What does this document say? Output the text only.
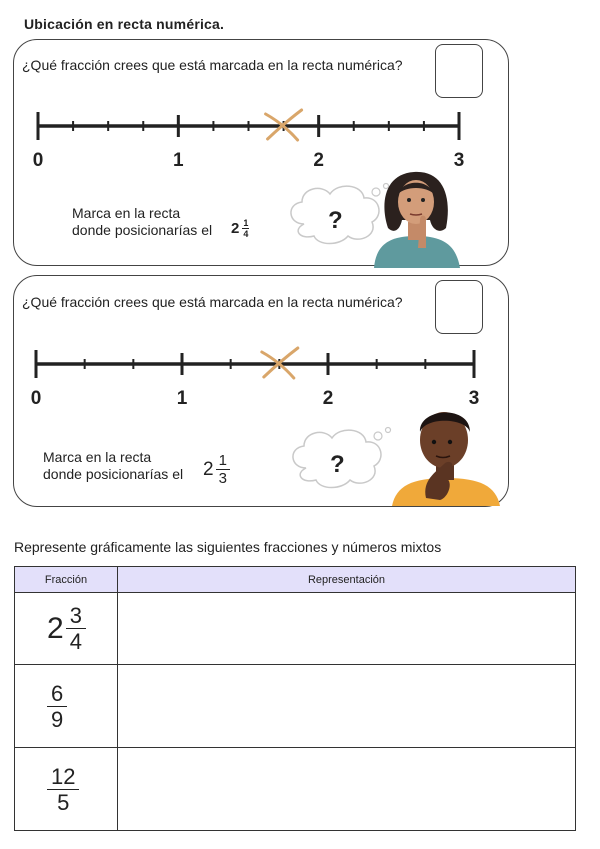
Ubicación en recta numérica.
¿Qué fracción crees que está marcada en la recta numérica?
0	1	2	3
Marca en la recta
donde posicionarías el $2 \frac{1}{4}$	?
¿Qué fracción crees que está marcada en la recta numérica?
0	1	2	3
Marca en la recta
donde posicionarías el $2 \frac{1}{3}$	?
Represente gráficamente las siguientes fracciones y números mixtos
Fracción	Representación

$2 \frac{3}{4}$

$\frac{6}{9}$

$\frac{12}{5}$
